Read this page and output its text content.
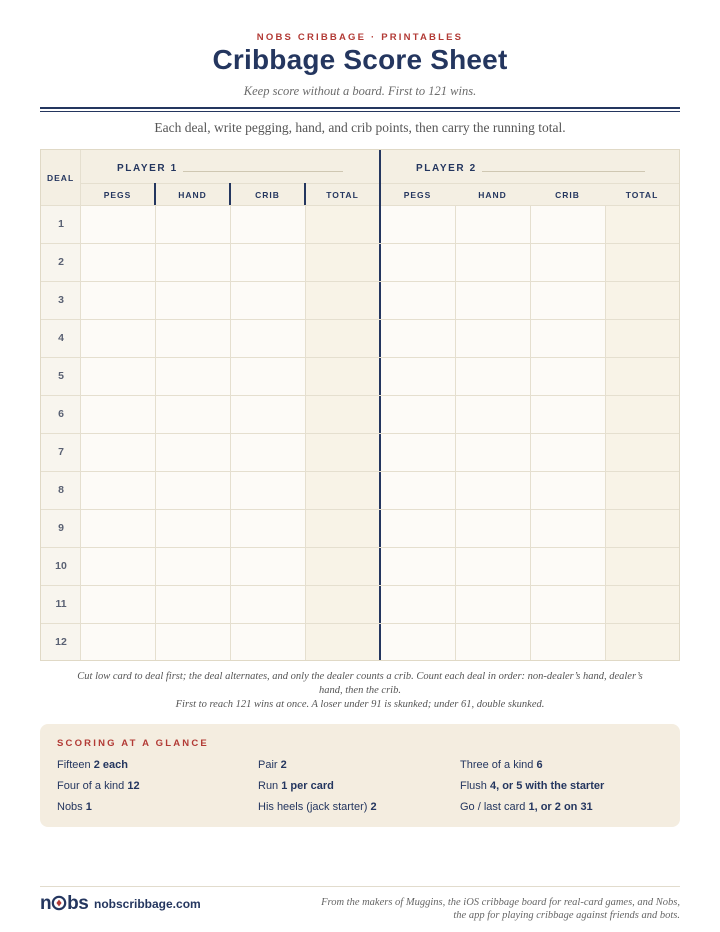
NOBS CRIBBAGE · PRINTABLES
Cribbage Score Sheet
Keep score without a board. First to 121 wins.
Each deal, write pegging, hand, and crib points, then carry the running total.
DEAL
PLAYER 1	PLAYER 2
PEGS	HAND	CRIB	TOTAL	PEGS	HAND	CRIB	TOTAL
1
2
3
4
5
6
7
8
9
10
11
12
Cut low card to deal first; the deal alternates, and only the dealer counts a crib. Count each deal in order: non-dealer’s hand, dealer’s
hand, then the crib.
First to reach 121 wins at once. A loser under 91 is skunked; under 61, double skunked.
SCORING AT A GLANCE
Fifteen 2 each	Pair 2	Three of a kind 6
Four of a kind 12	Run 1 per card	Flush 4, or 5 with the starter
Nobs 1	His heels (jack starter) 2	Go / last card 1, or 2 on 31
n bs nobscribbage.com	From the makers of Muggins, the iOS cribbage board for real-card games, and Nobs,
the app for playing cribbage against friends and bots.
